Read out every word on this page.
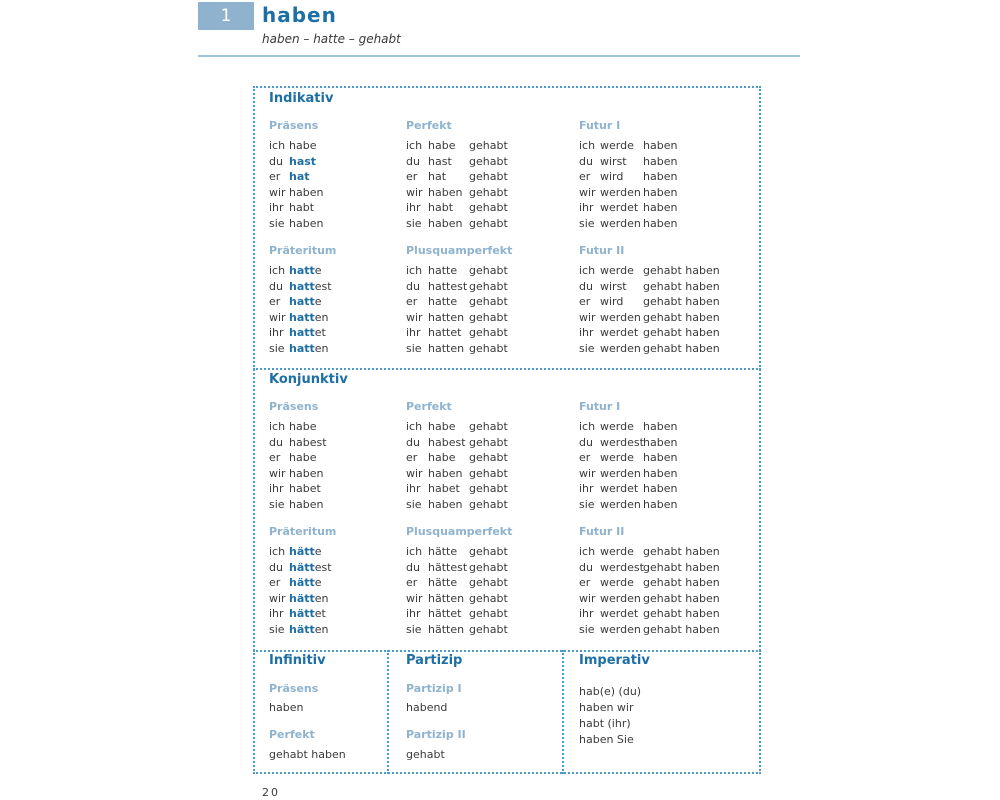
1	haben
haben – hatte – gehabt
Indikativ
Konjunktiv
Präsens
ich habe
du hast
er hat
wir haben
ihr habt
sie haben
Perfekt
ich habe gehabt
du hast gehabt
er hat gehabt
wir haben gehabt
ihr habt gehabt
sie haben gehabt
Futur I
ich werde haben
du wirst haben
er wird haben
wir werden haben
ihr werdet haben
sie werden haben
Präteritum
ich hatte
du hattest
er hatte
wir hatten
ihr hattet
sie hatten
Plusquamperfekt
ich hatte gehabt
du hattest gehabt
er hatte gehabt
wir hatten gehabt
ihr hattet gehabt
sie hatten gehabt
Futur II
ich werde gehabt haben
du wirst gehabt haben
er wird gehabt haben
wir werden gehabt haben
ihr werdet gehabt haben
sie werden gehabt haben
Präsens
ich habe
du habest
er habe
wir haben
ihr habet
sie haben
Perfekt
ich habe gehabt
du habest gehabt
er habe gehabt
wir haben gehabt
ihr habet gehabt
sie haben gehabt
Futur I
ich werde haben
du werdest haben
er werde haben
wir werden haben
ihr werdet haben
sie werden haben
Präteritum
ich hätte
du hättest
er hätte
wir hätten
ihr hättet
sie hätten
Plusquamperfekt
ich hätte gehabt
du hättest gehabt
er hätte gehabt
wir hätten gehabt
ihr hättet gehabt
sie hätten gehabt
Futur II
ich werde gehabt haben
du werdest gehabt haben
er werde gehabt haben
wir werden gehabt haben
ihr werdet gehabt haben
sie werden gehabt haben
Infinitiv
Präsens
haben
Perfekt
gehabt haben
Partizip
Partizip I
habend
Partizip II
gehabt
Imperativ
hab(e) (du)
haben wir
habt (ihr)
haben Sie
20
